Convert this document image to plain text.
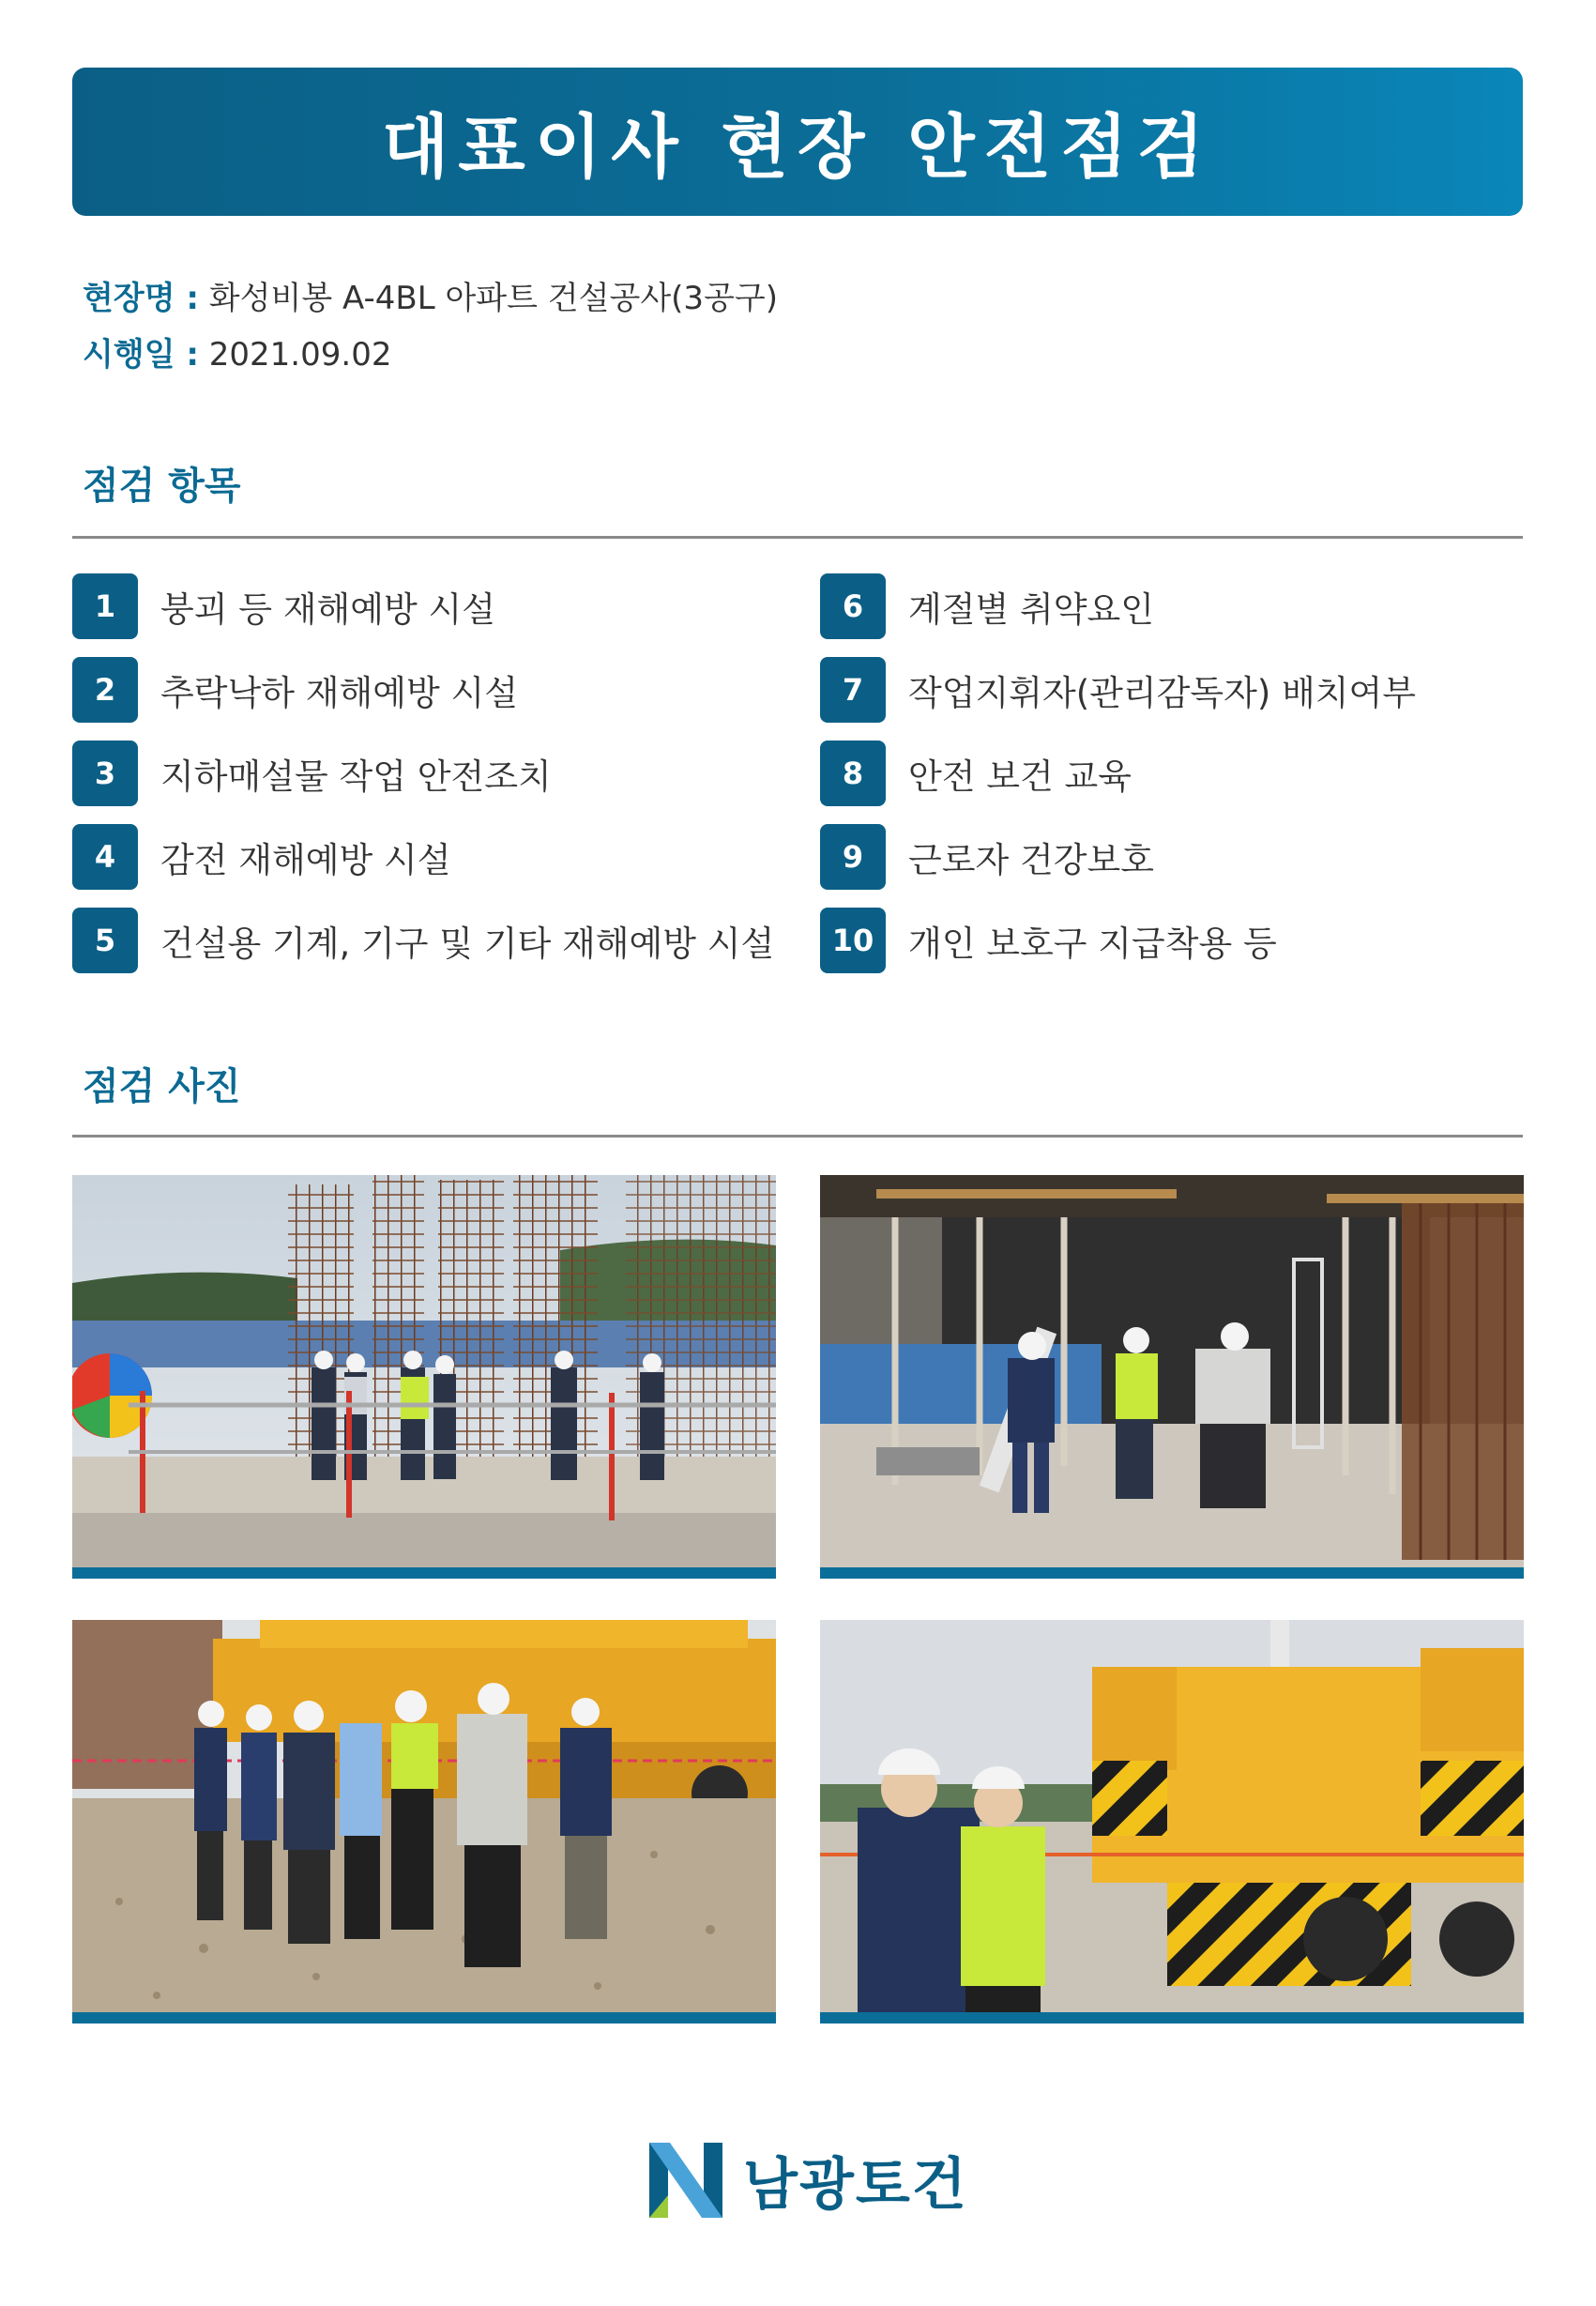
대표이사 현장 안전점검
현장명 : 화성비봉 A-4BL 아파트 건설공사(3공구)
시행일 : 2021.09.02
점검 항목
1	붕괴 등 재해예방 시설
2	추락낙하 재해예방 시설
3	지하매설물 작업 안전조치
4	감전 재해예방 시설
5	건설용 기계, 기구 및 기타 재해예방 시설
6	계절별 취약요인
7	작업지휘자(관리감독자) 배치여부
8	안전 보건 교육
9	근로자 건강보호
10 개인 보호구 지급착용 등
점검 사진
남광토건
